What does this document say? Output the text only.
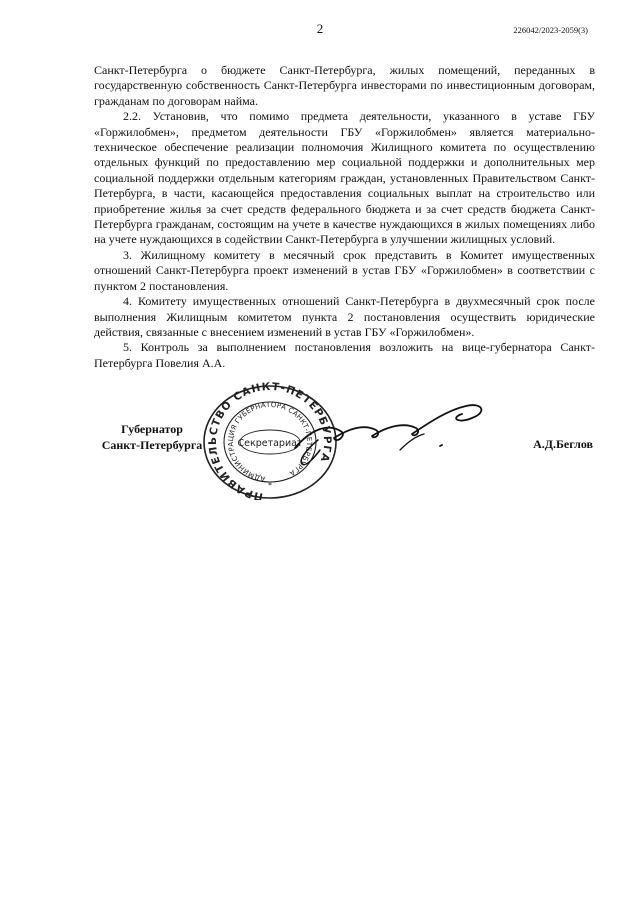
2	226042/2023-2059(3)

Санкт-Петербурга о бюджете Санкт-Петербурга, жилых помещений, переданных в государственную собственность Санкт-Петербурга инвесторами по инвестиционным договорам, гражданам по договорам найма.

2.2. Установив, что помимо предмета деятельности, указанного в уставе ГБУ «Горжилобмен», предметом деятельности ГБУ «Горжилобмен» является материально-техническое обеспечение реализации полномочия Жилищного комитета по осуществлению отдельных функций по предоставлению мер социальной поддержки и дополнительных мер социальной поддержки отдельным категориям граждан, установленных Правительством Санкт-Петербурга, в части, касающейся предоставления социальных выплат на строительство или приобретение жилья за счет средств федерального бюджета и за счет средств бюджета Санкт-Петербурга гражданам, состоящим на учете в качестве нуждающихся в жилых помещениях либо на учете нуждающихся в содействии Санкт-Петербурга в улучшении жилищных условий.

3. Жилищному комитету в месячный срок представить в Комитет имущественных отношений Санкт-Петербурга проект изменений в устав ГБУ «Горжилобмен» в соответствии с пунктом 2 постановления.

4. Комитету имущественных отношений Санкт-Петербурга в двухмесячный срок после выполнения Жилищным комитетом пункта 2 постановления осуществить юридические действия, связанные с внесением изменений в устав ГБУ «Горжилобмен».

5. Контроль за выполнением постановления возложить на вице-губернатора Санкт-Петербурга Повелия А.А.

Губернатор
Санкт-Петербурга
ПРАВИТЕЛЬСТВО САНКТ-ПЕТЕРБУРГА
АДМИНИСТРАЦИЯ ГУБЕРНАТОРА САНКТ-ПЕТЕРБУРГА
Секретариат
*
А.Д.Беглов
